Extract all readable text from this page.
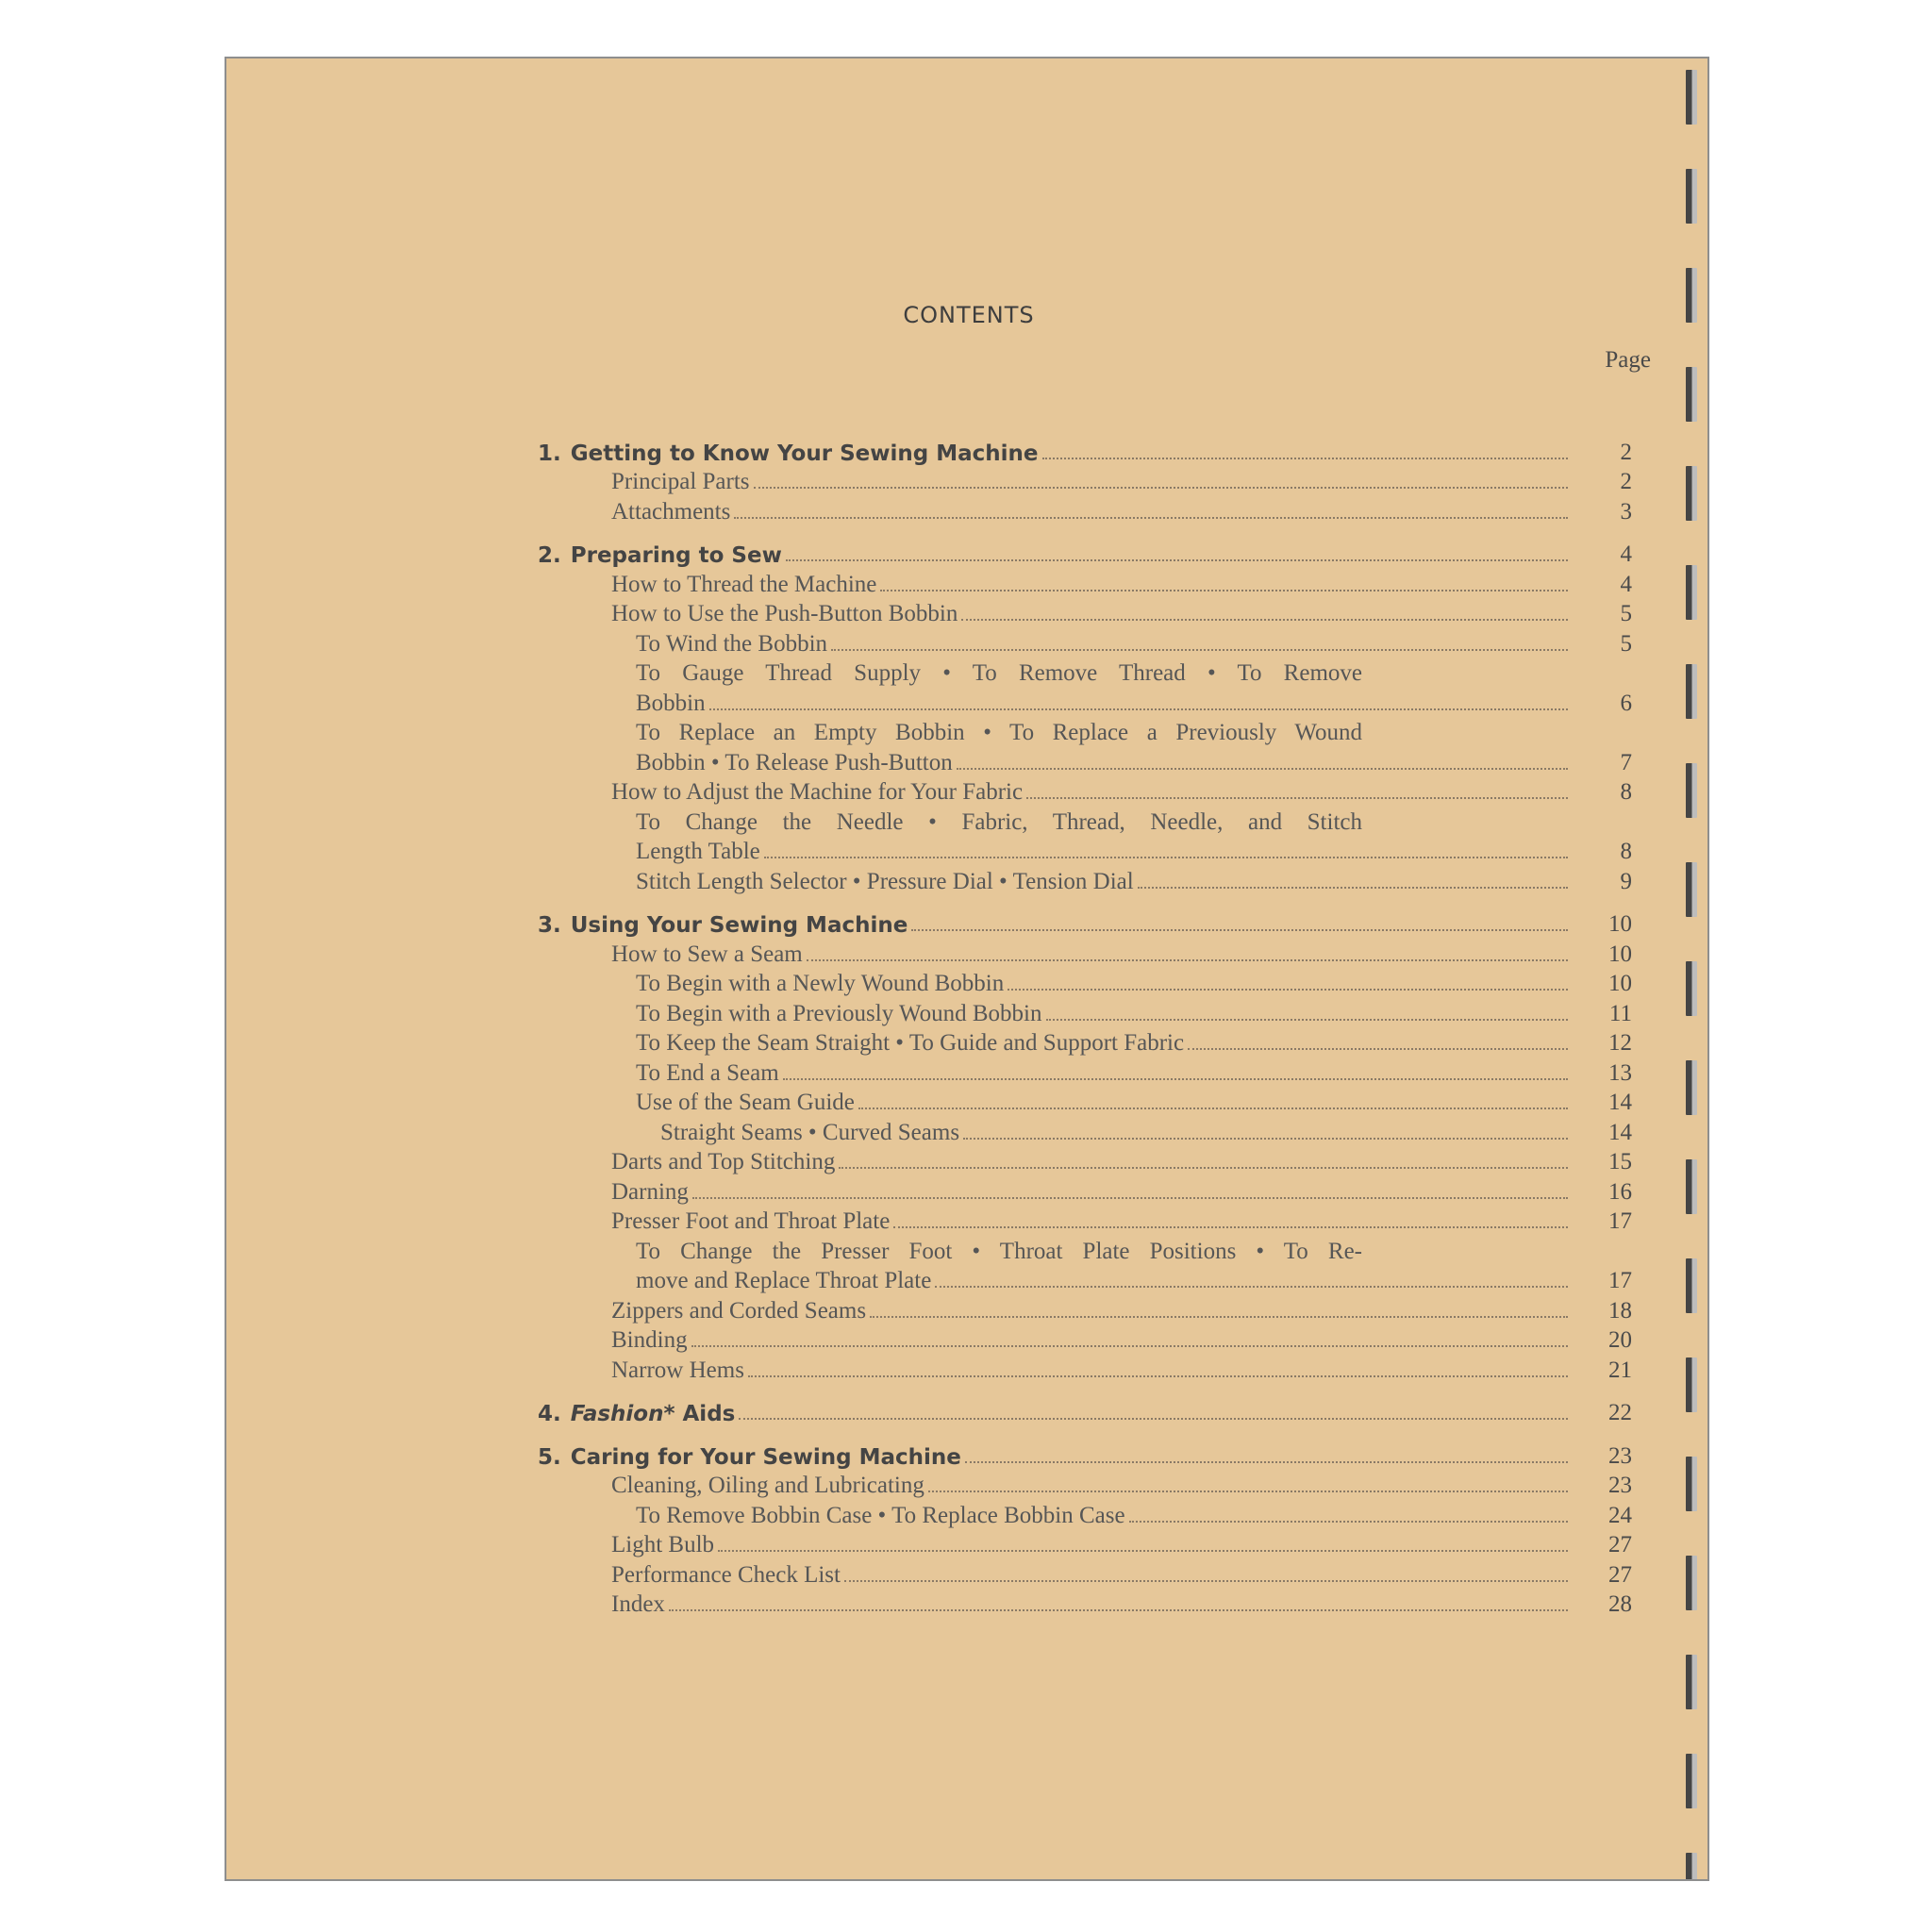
CONTENTS
Page
1. Getting to Know Your Sewing Machine	2
Principal Parts	2
Attachments	3
2. Preparing to Sew	4
How to Thread the Machine	4
How to Use the Push-Button Bobbin	5
To Wind the Bobbin	5
To Gauge Thread Supply • To Remove Thread • To Remove
Bobbin	6
To Replace an Empty Bobbin • To Replace a Previously Wound
Bobbin • To Release Push-Button	7
How to Adjust the Machine for Your Fabric	8
To Change the Needle • Fabric, Thread, Needle, and Stitch
Length Table	8
Stitch Length Selector • Pressure Dial • Tension Dial	9
3. Using Your Sewing Machine	10
How to Sew a Seam	10
To Begin with a Newly Wound Bobbin	10
To Begin with a Previously Wound Bobbin	11
To Keep the Seam Straight • To Guide and Support Fabric	12
To End a Seam	13
Use of the Seam Guide	14
Straight Seams • Curved Seams	14
Darts and Top Stitching	15
Darning	16
Presser Foot and Throat Plate	17
To Change the Presser Foot • Throat Plate Positions • To Re-
move and Replace Throat Plate	17
Zippers and Corded Seams	18
Binding	20
Narrow Hems	21
4. Fashion* Aids	22
5. Caring for Your Sewing Machine	23
Cleaning, Oiling and Lubricating	23
To Remove Bobbin Case • To Replace Bobbin Case	24
Light Bulb	27
Performance Check List	27
Index	28
